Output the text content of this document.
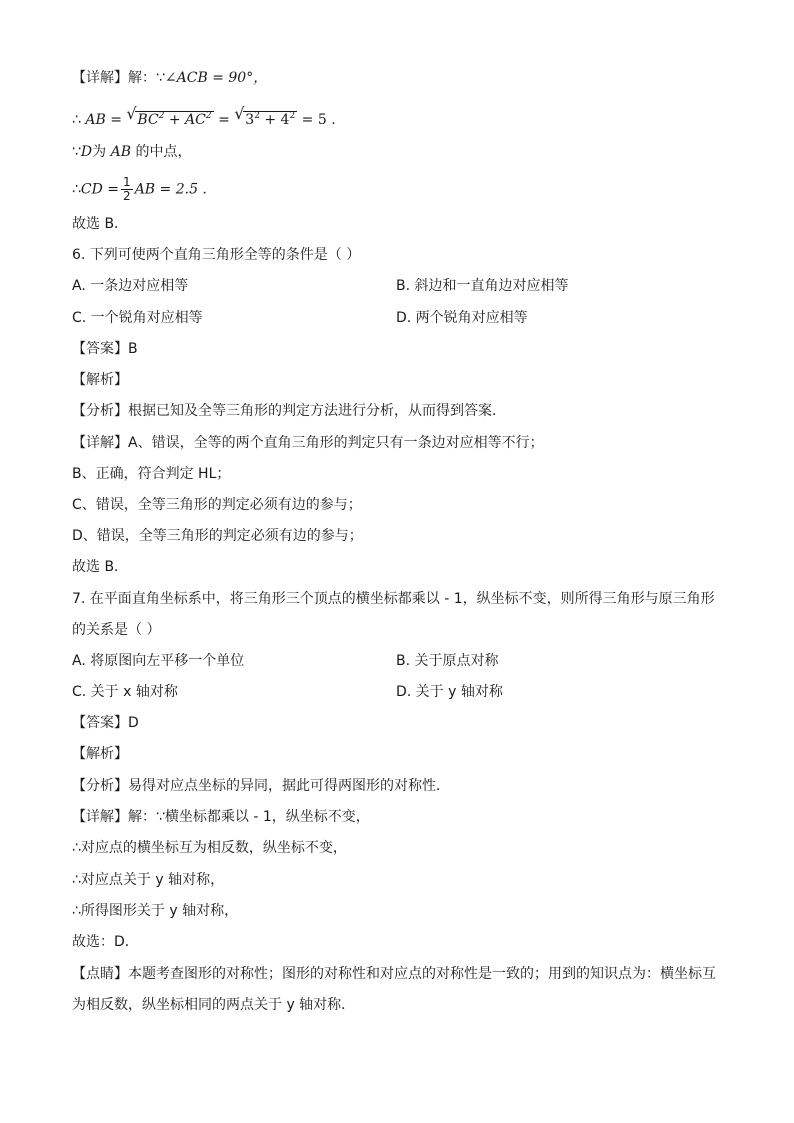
【详解】解：∵∠ACB = 90°，
∴ AB = √ $BC^2 + AC^2$ = √ $3^2 + 4^2 = 5$ .
∵D为 AB 的中点，
∴CD = $\frac{1}{2}$ AB = 2.5 .
故选 B．
6. 下列可使两个直角三角形全等的条件是（ ）
A. 一条边对应相等	B. 斜边和一直角边对应相等
C. 一个锐角对应相等	D. 两个锐角对应相等
【答案】B
【解析】
【分析】根据已知及全等三角形的判定方法进行分析，从而得到答案．
【详解】A、错误，全等的两个直角三角形的判定只有一条边对应相等不行；
B、正确，符合判定 HL；
C、错误，全等三角形的判定必须有边的参与；
D、错误，全等三角形的判定必须有边的参与；
故选 B．
7. 在平面直角坐标系中，将三角形三个顶点的横坐标都乘以 - 1，纵坐标不变，则所得三角形与原三角形
的关系是（ ）
A. 将原图向左平移一个单位	B. 关于原点对称
C. 关于 x 轴对称	D. 关于 y 轴对称
【答案】D
【解析】
【分析】易得对应点坐标的异同，据此可得两图形的对称性．
【详解】解：∵横坐标都乘以 - 1，纵坐标不变，
∴对应点的横坐标互为相反数，纵坐标不变，
∴对应点关于 y 轴对称，
∴所得图形关于 y 轴对称，
故选：D．
【点睛】本题考查图形的对称性；图形的对称性和对应点的对称性是一致的；用到的知识点为：横坐标互
为相反数，纵坐标相同的两点关于 y 轴对称．
